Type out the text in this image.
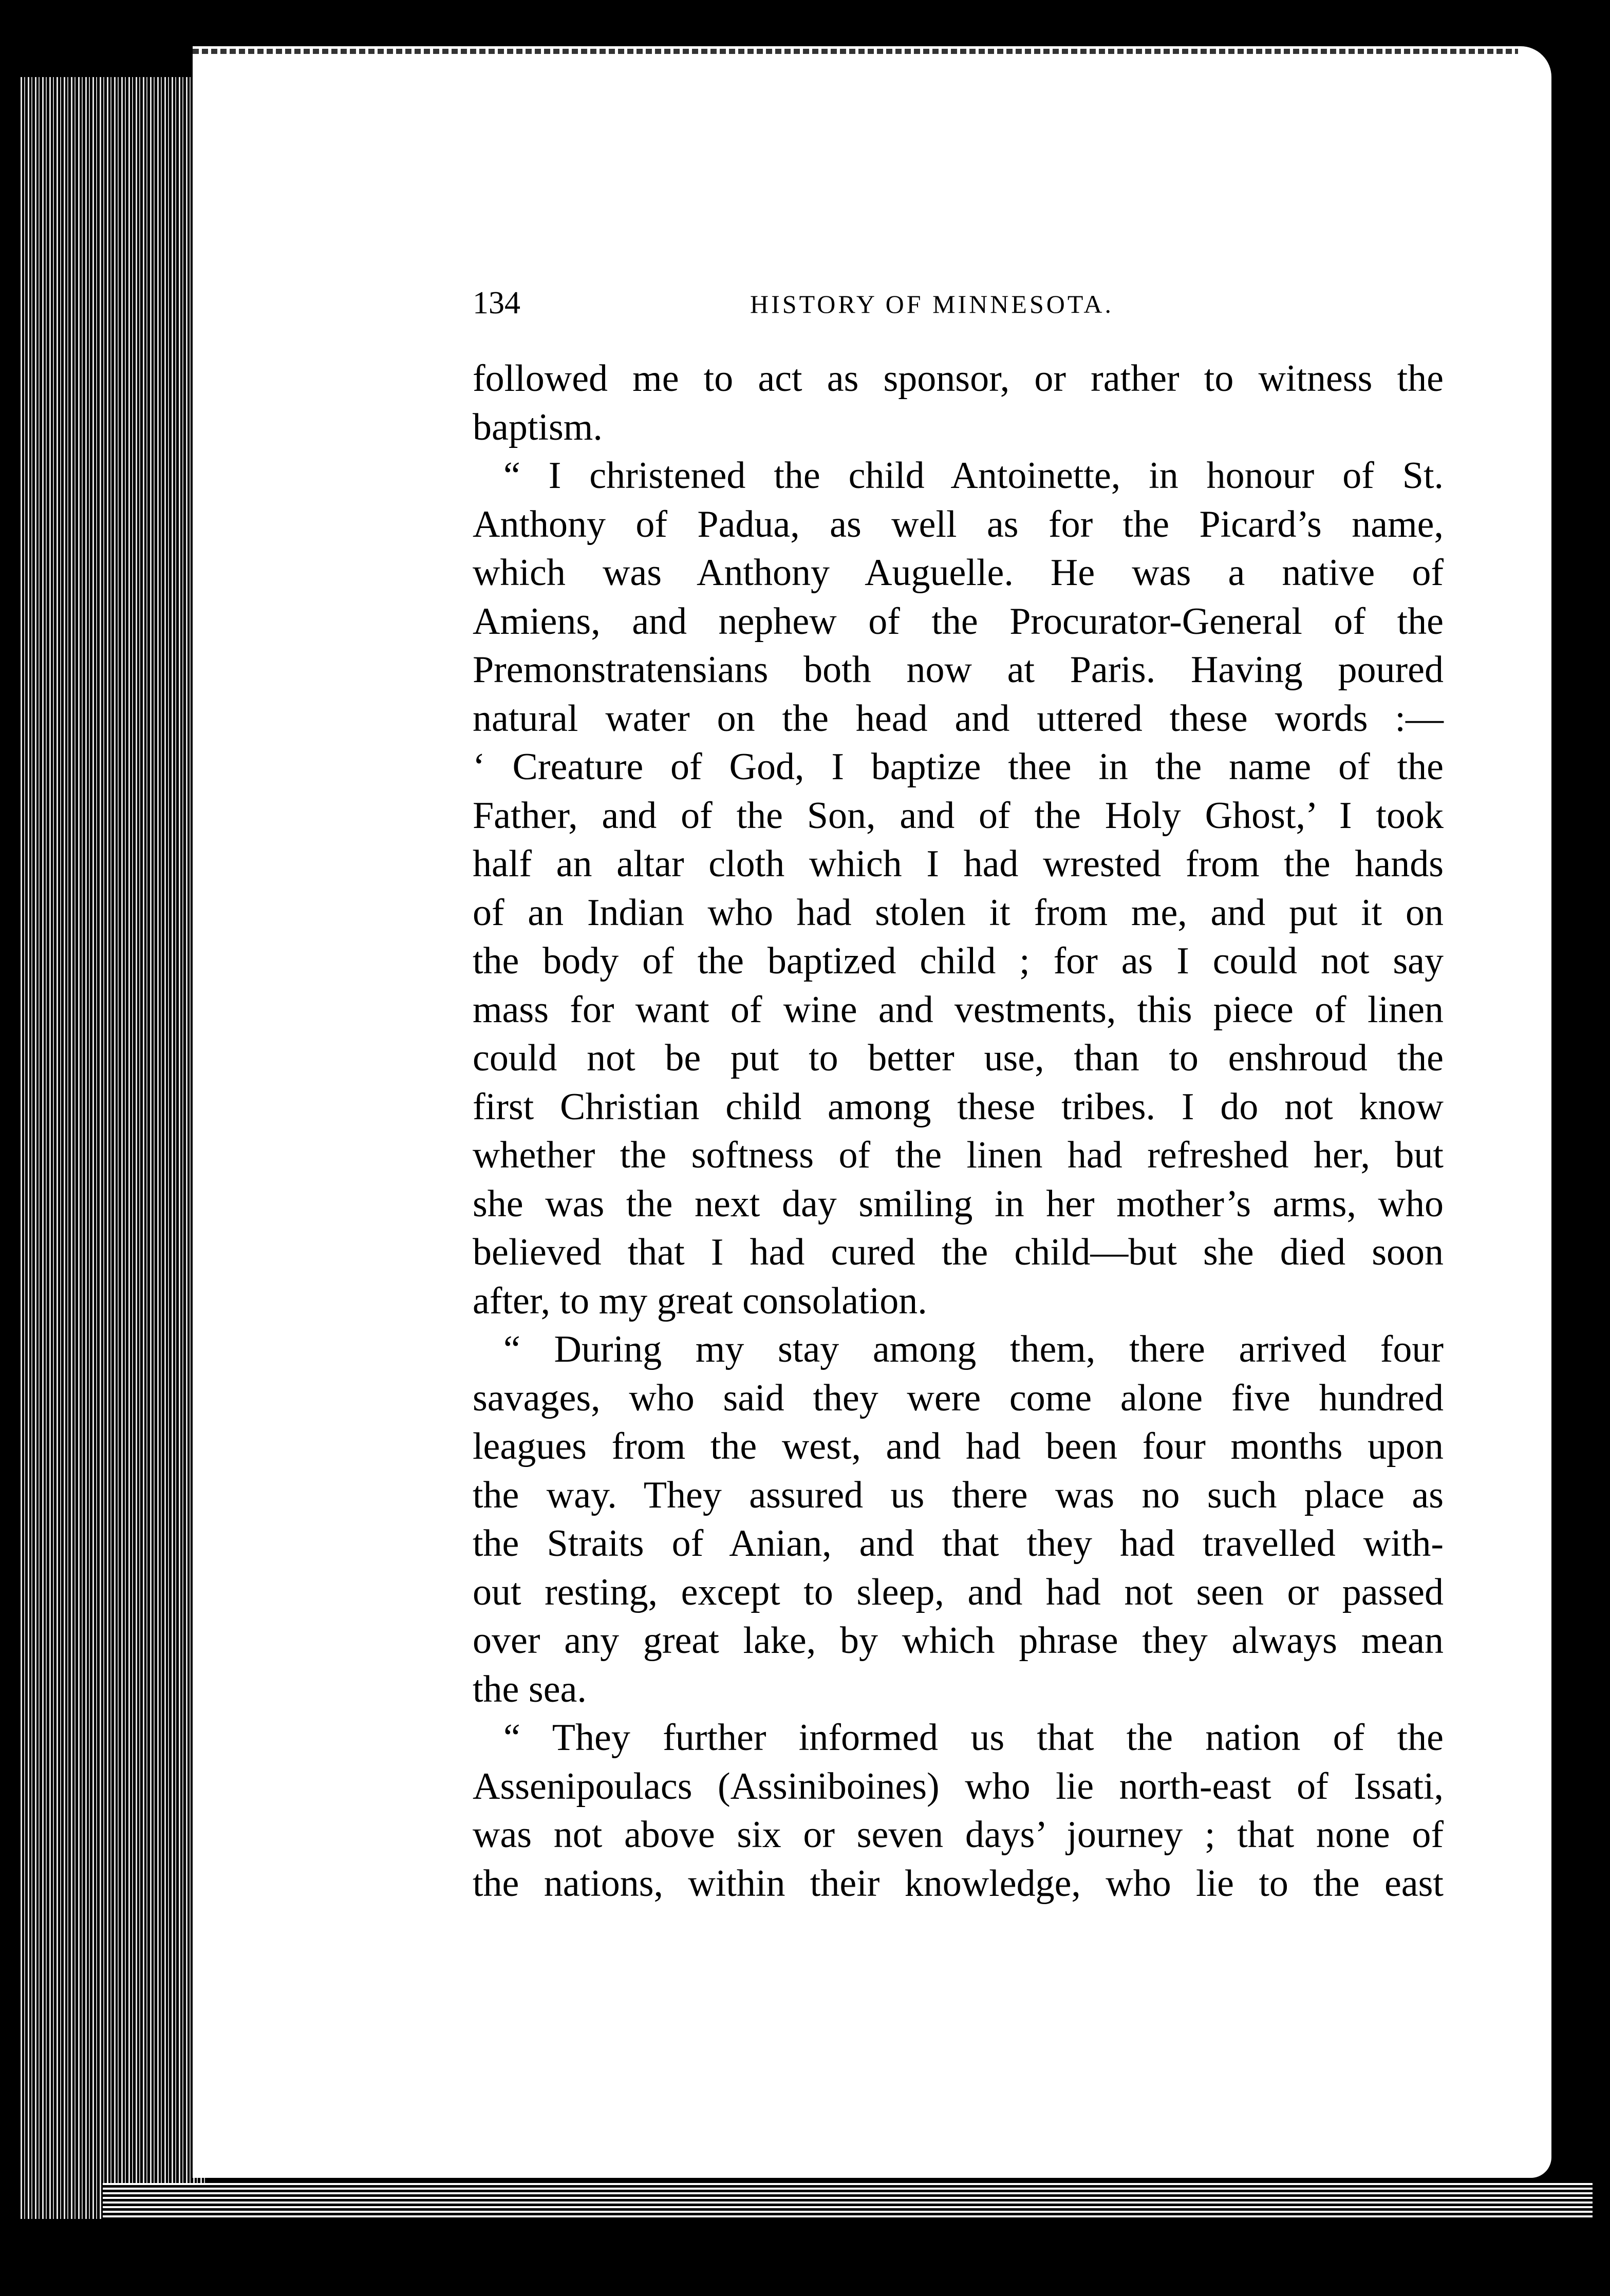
134	HISTORY OF MINNESOTA.
followed me to act as sponsor, or rather to witness the
baptism.
“ I christened the child Antoinette, in honour of St.
Anthony of Padua, as well as for the Picard’s name,
which was Anthony Auguelle. He was a native of
Amiens, and nephew of the Procurator-General of the
Premonstratensians both now at Paris. Having poured
natural water on the head and uttered these words :—
‘ Creature of God, I baptize thee in the name of the
Father, and of the Son, and of the Holy Ghost,’ I took
half an altar cloth which I had wrested from the hands
of an Indian who had stolen it from me, and put it on
the body of the baptized child ; for as I could not say
mass for want of wine and vestments, this piece of linen
could not be put to better use, than to enshroud the
first Christian child among these tribes. I do not know
whether the softness of the linen had refreshed her, but
she was the next day smiling in her mother’s arms, who
believed that I had cured the child—but she died soon
after, to my great consolation.
“ During my stay among them, there arrived four
savages, who said they were come alone five hundred
leagues from the west, and had been four months upon
the way. They assured us there was no such place as
the Straits of Anian, and that they had travelled with-
out resting, except to sleep, and had not seen or passed
over any great lake, by which phrase they always mean
the sea.
“ They further informed us that the nation of the
Assenipoulacs (Assiniboines) who lie north-east of Issati,
was not above six or seven days’ journey ; that none of
the nations, within their knowledge, who lie to the east
